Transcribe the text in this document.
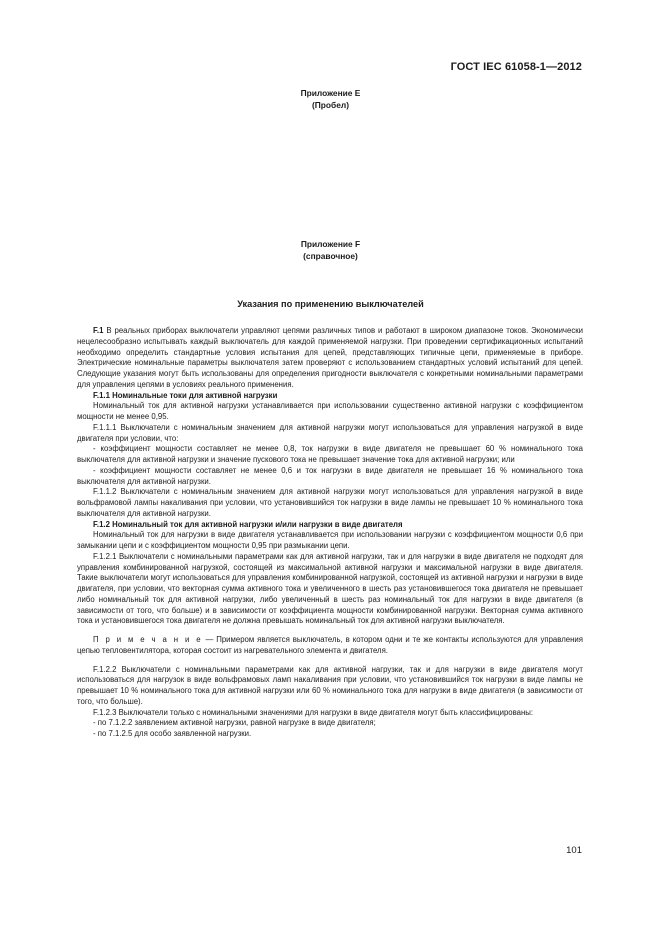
ГОСТ IEC 61058-1—2012
Приложение E
(Пробел)
Приложение F
(справочное)
Указания по применению выключателей

F.1 В реальных приборах выключатели управляют цепями различных типов и работают в широком диапазоне токов. Экономически нецелесообразно испытывать каждый выключатель для каждой применяемой нагрузки. При проведении сертификационных испытаний необходимо определить стандартные условия испытания для цепей, представляющих типичные цепи, применяемые в приборе. Электрические номинальные параметры выключателя затем проверяют с использованием стандартных условий испытаний для цепей. Следующие указания могут быть использованы для определения пригодности выключателя с конкретными номинальными параметрами для управления цепями в условиях реального применения.

F.1.1 Номинальные токи для активной нагрузки

Номинальный ток для активной нагрузки устанавливается при использовании существенно активной нагрузки с коэффициентом мощности не менее 0,95.

F.1.1.1 Выключатели с номинальным значением для активной нагрузки могут использоваться для управления нагрузкой в виде двигателя при условии, что:

- коэффициент мощности составляет не менее 0,8, ток нагрузки в виде двигателя не превышает 60 % номинального тока выключателя для активной нагрузки и значение пускового тока не превышает значение тока для активной нагрузки; или

- коэффициент мощности составляет не менее 0,6 и ток нагрузки в виде двигателя не превышает 16 % номинального тока выключателя для активной нагрузки.

F.1.1.2 Выключатели с номинальным значением для активной нагрузки могут использоваться для управления нагрузкой в виде вольфрамовой лампы накаливания при условии, что установившийся ток нагрузки в виде лампы не превышает 10 % номинального тока выключателя для активной нагрузки.

F.1.2 Номинальный ток для активной нагрузки и/или нагрузки в виде двигателя

Номинальный ток для нагрузки в виде двигателя устанавливается при использовании нагрузки с коэффициентом мощности 0,6 при замыкании цепи и с коэффициентом мощности 0,95 при размыкании цепи.

F.1.2.1 Выключатели с номинальными параметрами как для активной нагрузки, так и для нагрузки в виде двигателя не подходят для управления комбинированной нагрузкой, состоящей из максимальной активной нагрузки и максимальной нагрузки в виде двигателя. Такие выключатели могут использоваться для управления комбинированной нагрузкой, состоящей из активной нагрузки и нагрузки в виде двигателя, при условии, что векторная сумма активного тока и увеличенного в шесть раз установившегося тока двигателя не превышает либо номинальный ток для активной нагрузки, либо увеличенный в шесть раз номинальный ток для нагрузки в виде двигателя (в зависимости от того, что больше) и в зависимости от коэффициента мощности комбинированной нагрузки. Векторная сумма активного тока и установившегося тока двигателя не должна превышать номинальный ток для активной нагрузки выключателя.

П р и м е ч а н и е — Примером является выключатель, в котором одни и те же контакты используются для управления цепью тепловентилятора, которая состоит из нагревательного элемента и двигателя.

F.1.2.2 Выключатели с номинальными параметрами как для активной нагрузки, так и для нагрузки в виде двигателя могут использоваться для нагрузок в виде вольфрамовых ламп накаливания при условии, что установившийся ток нагрузки в виде лампы не превышает 10 % номинального тока для активной нагрузки или 60 % номинального тока для нагрузки в виде двигателя (в зависимости от того, что больше).

F.1.2.3 Выключатели только с номинальными значениями для нагрузки в виде двигателя могут быть классифицированы:

- по 7.1.2.2 заявлением активной нагрузки, равной нагрузке в виде двигателя;

- по 7.1.2.5 для особо заявленной нагрузки.

101
